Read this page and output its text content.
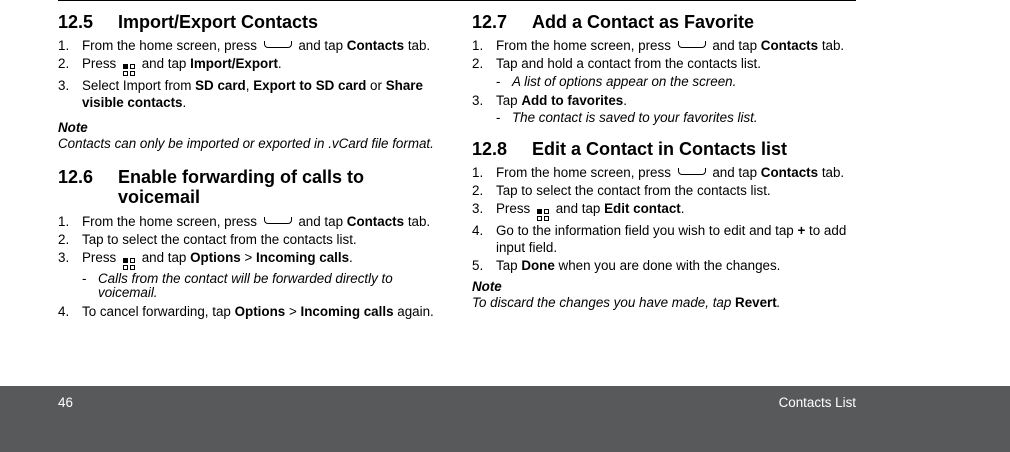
12.5	Import/Export Contacts
1. From the home screen, press	and tap Contacts tab.
2. Press and tap Import/Export.
3. Select Import from SD card, Export to SD card or Share visible contacts.
Note
Contacts can only be imported or exported in .vCard file format.
12.6	Enable forwarding of calls to voicemail
1. From the home screen, press	and tap Contacts tab.
2. Tap to select the contact from the contacts list.
3. Press and tap Options > Incoming calls.
- Calls from the contact will be forwarded directly to voicemail.
4. To cancel forwarding, tap Options > Incoming calls again.
12.7	Add a Contact as Favorite
1. From the home screen, press	and tap Contacts tab.
2. Tap and hold a contact from the contacts list.
- A list of options appear on the screen.
3. Tap Add to favorites.
- The contact is saved to your favorites list.
12.8	Edit a Contact in Contacts list
1. From the home screen, press	and tap Contacts tab.
2. Tap to select the contact from the contacts list.
3. Press and tap Edit contact.
4. Go to the information field you wish to edit and tap + to add input field.
5. Tap Done when you are done with the changes.
Note
To discard the changes you have made, tap Revert.
46	Contacts List
